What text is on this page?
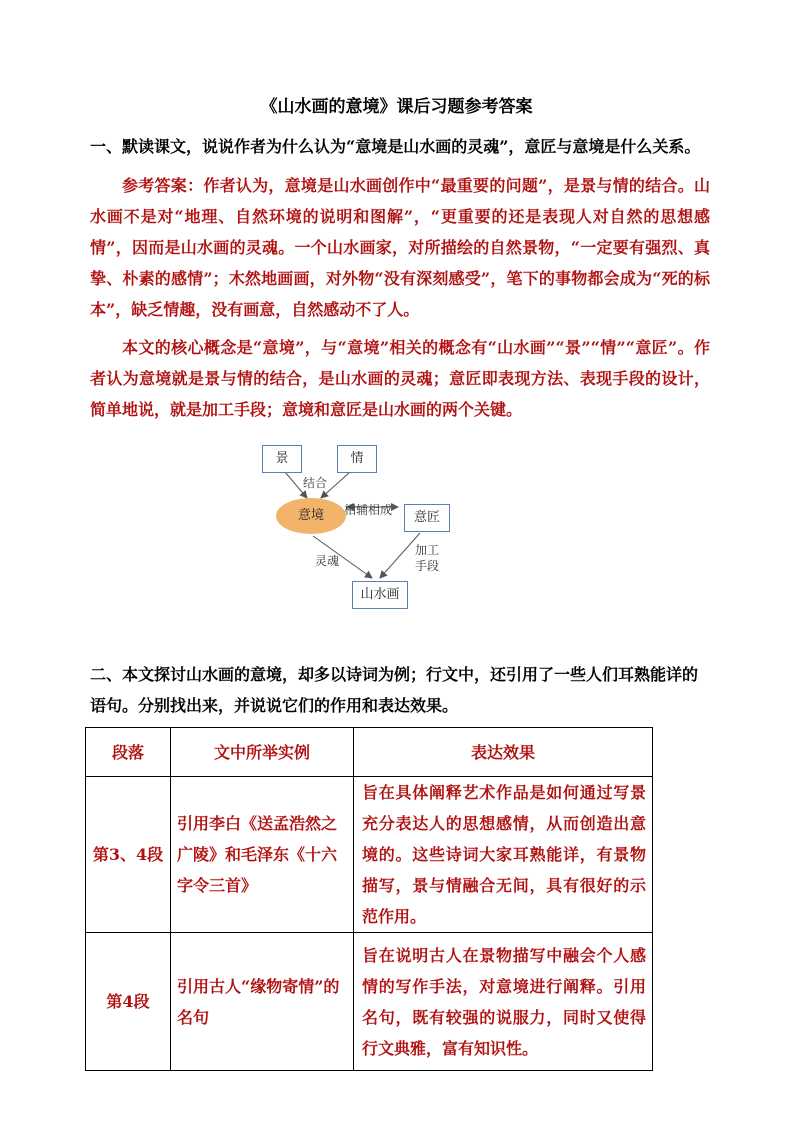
《山水画的意境》课后习题参考答案
一、默读课文，说说作者为什么认为“意境是山水画的灵魂”，意匠与意境是什么关系。
参考答案：作者认为，意境是山水画创作中“最重要的问题”，是景与情的结合。山水画不是对“地理、自然环境的说明和图解”，“更重要的还是表现人对自然的思想感情”，因而是山水画的灵魂。一个山水画家，对所描绘的自然景物，“一定要有强烈、真挚、朴素的感情”；木然地画画，对外物“没有深刻感受”，笔下的事物都会成为“死的标本”，缺乏情趣，没有画意，自然感动不了人。
本文的核心概念是“意境”，与“意境”相关的概念有“山水画”“景”“情”“意匠”。作者认为意境就是景与情的结合，是山水画的灵魂；意匠即表现方法、表现手段的设计，简单地说，就是加工手段；意境和意匠是山水画的两个关键。
景	情
结合
意境	相辅相成	意匠
灵魂
加工
手段
山水画
二、本文探讨山水画的意境，却多以诗词为例；行文中，还引用了一些人们耳熟能详的语句。分别找出来，并说说它们的作用和表达效果。
段落	文中所举实例	表达效果
第3、4段	引用李白《送孟浩然之广陵》和毛泽东《十六字令三首》	旨在具体阐释艺术作品是如何通过写景充分表达人的思想感情，从而创造出意境的。这些诗词大家耳熟能详，有景物描写，景与情融合无间，具有很好的示范作用。
第4段	引用古人“缘物寄情”的名句	旨在说明古人在景物描写中融会个人感情的写作手法，对意境进行阐释。引用名句，既有较强的说服力，同时又使得行文典雅，富有知识性。
